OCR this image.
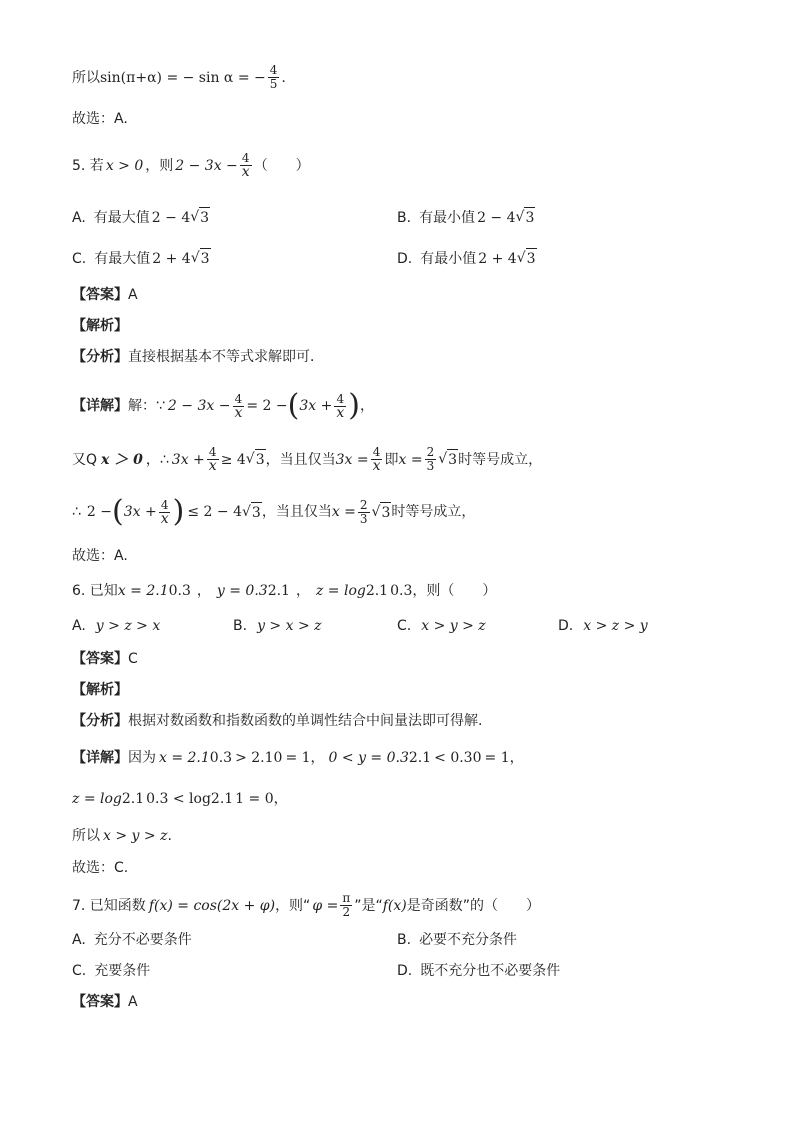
所以 sin(π+α) = − sin α = − $\frac{4}{5}$ .
故选：A.
5. 若 x > 0 ，则 $2 - 3x - \frac{4}{x}$ （　　）
A. 有最大值 2 − 4 √ 3	B. 有最小值 2 − 4 √ 3
C. 有最大值 2 + 4 √ 3	D. 有最小值 2 + 4 √ 3
【答案】 A
【解析】
【分析】 直接根据基本不等式求解即可．
【详解】 解：∵ $2 - 3x - \frac{4}{x} = 2$ − ( $3x + \frac{4}{x}$ ) ，
又Q x ＞ 0 ，∴ $3x + \frac{4}{x} \ge 4$ √ 3 ，当且仅当 $3x = \frac{4}{x}$ 即 $x = \frac{2}{3}$ √ 3 时等号成立，
∴ 2 − ( $3x + \frac{4}{x}$ ) ≤ 2 − 4 √ 3 ，当且仅当 $x = \frac{2}{3}$ √ 3 时等号成立，
故选：A.
6. 已知 x = 2.1 0.3 ， y = 0.3 2.1 ， z = log 2.1 0.3 ，则（　　）
A. y > z > x	B. y > x > z	C. x > y > z	D. x > z > y
【答案】 C
【解析】
【分析】 根据对数函数和指数函数的单调性结合中间量法即可得解.
【详解】 因为 x = 2.1 0.3 > 2.1 0 = 1 ， 0 < y = 0.3 2.1 < 0.3 0 = 1 ，
z = log 2.1 0.3 < log 2.1 1 = 0 ，
所以 x > y > z .
故选：C.
7. 已知函数 f(x) = cos(2x + φ) ，则“ $\varphi = \frac{\pi}{2}$ ”是“ f(x) 是奇函数”的（　　）
A. 充分不必要条件	B. 必要不充分条件
C. 充要条件	D. 既不充分也不必要条件
【答案】 A
